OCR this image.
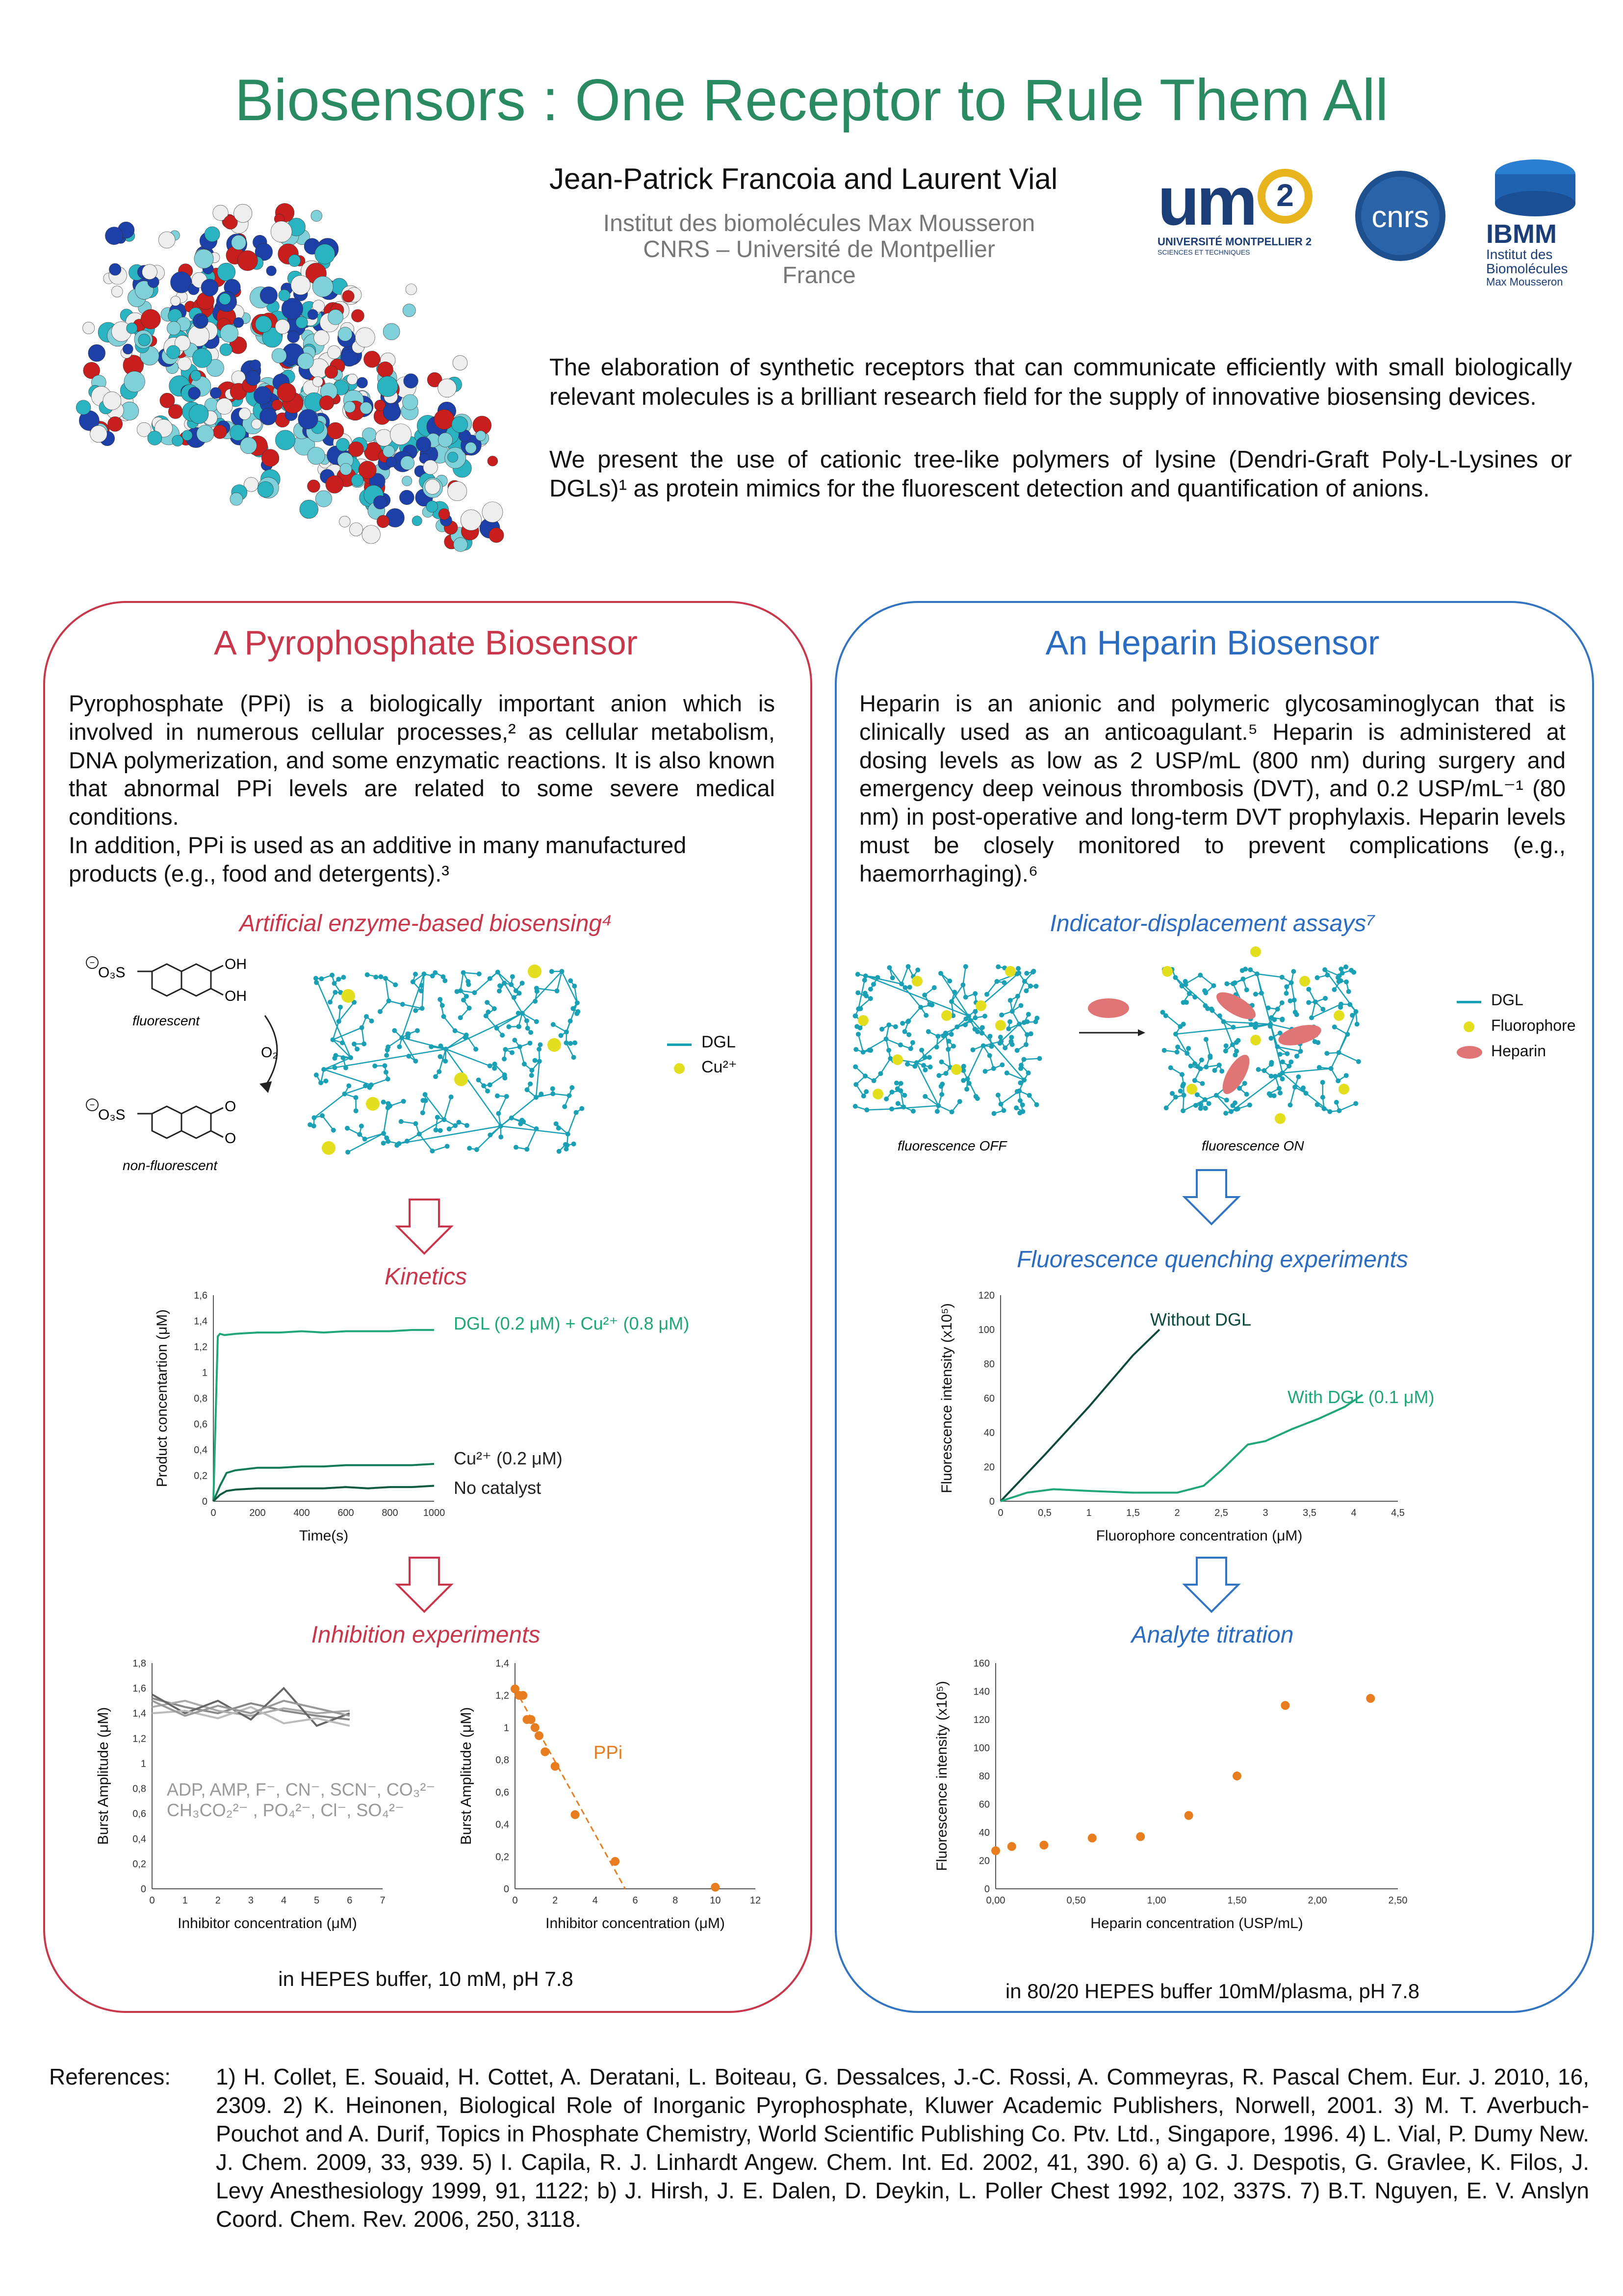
Biosensors : One Receptor to Rule Them All
Jean-Patrick Francoia and Laurent Vial
Institut des biomolécules Max Mousseron
CNRS – Université de Montpellier
France
um 2
UNIVERSITÉ MONTPELLIER 2
SCIENCES ET TECHNIQUES
cnrs IBMM
Institut des
Biomolécules
Max Mousseron

The elaboration of synthetic receptors that can communicate efficiently with small biologically relevant molecules is a brilliant research field for the supply of innovative biosensing devices.

We present the use of cationic tree-like polymers of lysine (Dendri-Graft Poly-L-Lysines or DGLs)¹ as protein mimics for the fluorescent detection and quantification of anions.

A Pyrophosphate Biosensor
Pyrophosphate (PPi) is a biologically important anion which is involved in numerous cellular processes,² as cellular metabolism, DNA polymerization, and some enzymatic reactions. It is also known that abnormal PPi levels are related to some severe medical conditions.
In addition, PPi is used as an additive in many manufactured products (e.g., food and detergents).³
Artificial enzyme-based biosensing⁴
−
O₃S
OH
OH
fluorescent
O₂
−
O₃S
O
O
non-fluorescent
DGL
Cu²⁺
Kinetics
0	200	400	600	800	1000
0
0,2
0,4
0,6
0,8
1
1,2
1,4
1,6
Time(s)
Product concentartion (μM)	DGL (0.2 μM) + Cu²⁺ (0.8 μM)
Cu²⁺ (0.2 μM)
No catalyst
Inhibition experiments
0	1	2	3	4	5	6	7
0
0,2
0,4
0,6
0,8
1
1,2
1,4
1,6
1,8
Inhibitor concentration (μM)
Burst Amplitude (μM)	ADP, AMP, F⁻, CN⁻, SCN⁻, CO₃²⁻
CH₃CO₂²⁻ , PO₄²⁻, Cl⁻, SO₄²⁻
0	2	4	6	8	10	12
0
0,2
0,4
0,6
0,8
1
1,2
1,4
Inhibitor concentration (μM)
Burst Amplitude (μM)	PPi
in HEPES buffer, 10 mM, pH 7.8
An Heparin Biosensor
Heparin is an anionic and polymeric glycosaminoglycan that is clinically used as an anticoagulant.⁵ Heparin is administered at dosing levels as low as 2 USP/mL (800 nm) during surgery and emergency deep veinous thrombosis (DVT), and 0.2 USP/mL⁻¹ (80 nm) in post-operative and long-term DVT prophylaxis. Heparin levels must be closely monitored to prevent complications (e.g., haemorrhaging).⁶
Indicator-displacement assays⁷
fluorescence OFF	fluorescence ON
DGL
Fluorophore
Heparin
Fluorescence quenching experiments
0	0,5	1	1,5	2	2,5	3	3,5	4	4,5
0
20
40
60
80
100
120
Fluorophore concentration (μM)
Fluorescence intensity (x10⁵)	Without DGL
With DGL (0.1 μM)
Analyte titration
0,00	0,50	1,00	1,50	2,00	2,50
0
20
40
60
80
100
120
140
160
Heparin concentration (USP/mL)
Fluorescence intensity (x10⁵)
in 80/20 HEPES buffer 10mM/plasma, pH 7.8
References: 1) H. Collet, E. Souaid, H. Cottet, A. Deratani, L. Boiteau, G. Dessalces, J.-C. Rossi, A. Commeyras, R. Pascal Chem. Eur. J. 2010, 16, 2309. 2) K. Heinonen, Biological Role of Inorganic Pyrophosphate, Kluwer Academic Publishers, Norwell, 2001. 3) M. T. Averbuch-Pouchot and A. Durif, Topics in Phosphate Chemistry, World Scientific Publishing Co. Ptv. Ltd., Singapore, 1996. 4) L. Vial, P. Dumy New. J. Chem. 2009, 33, 939. 5) I. Capila, R. J. Linhardt Angew. Chem. Int. Ed. 2002, 41, 390. 6) a) G. J. Despotis, G. Gravlee, K. Filos, J. Levy Anesthesiology 1999, 91, 1122; b) J. Hirsh, J. E. Dalen, D. Deykin, L. Poller Chest 1992, 102, 337S. 7) B.T. Nguyen, E. V. Anslyn Coord. Chem. Rev. 2006, 250, 3118.
